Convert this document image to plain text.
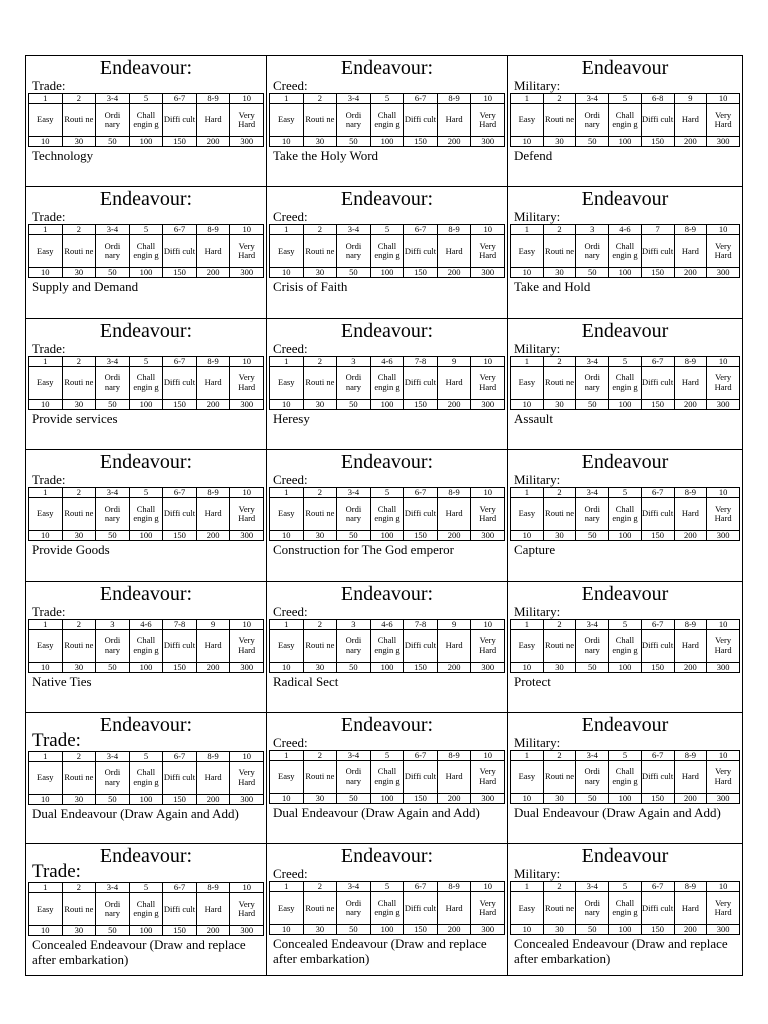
Endeavour:
Trade:
1	2	3-4	5	6-7	8-9	10
Easy	Routi ne	Ordi nary	Chall engin g	Diffi cult	Hard	Very Hard
10	30	50	100	150	200	300
Technology
Endeavour:
Creed:
1	2	3-4	5	6-7	8-9	10
Easy	Routi ne	Ordi nary	Chall engin g	Diffi cult	Hard	Very Hard
10	30	50	100	150	200	300
Take the Holy Word
Endeavour
Military:
1	2	3-4	5	6-8	9	10
Easy	Routi ne	Ordi nary	Chall engin g	Diffi cult	Hard	Very Hard
10	30	50	100	150	200	300
Defend
Endeavour:
Trade:
1	2	3-4	5	6-7	8-9	10
Easy	Routi ne	Ordi nary	Chall engin g	Diffi cult	Hard	Very Hard
10	30	50	100	150	200	300
Supply and Demand
Endeavour:
Creed:
1	2	3-4	5	6-7	8-9	10
Easy	Routi ne	Ordi nary	Chall engin g	Diffi cult	Hard	Very Hard
10	30	50	100	150	200	300
Crisis of Faith
Endeavour
Military:
1	2	3	4-6	7	8-9	10
Easy	Routi ne	Ordi nary	Chall engin g	Diffi cult	Hard	Very Hard
10	30	50	100	150	200	300
Take and Hold
Endeavour:
Trade:
1	2	3-4	5	6-7	8-9	10
Easy	Routi ne	Ordi nary	Chall engin g	Diffi cult	Hard	Very Hard
10	30	50	100	150	200	300
Provide services
Endeavour:
Creed:
1	2	3	4-6	7-8	9	10
Easy	Routi ne	Ordi nary	Chall engin g	Diffi cult	Hard	Very Hard
10	30	50	100	150	200	300
Heresy
Endeavour
Military:
1	2	3-4	5	6-7	8-9	10
Easy	Routi ne	Ordi nary	Chall engin g	Diffi cult	Hard	Very Hard
10	30	50	100	150	200	300
Assault
Endeavour:
Trade:
1	2	3-4	5	6-7	8-9	10
Easy	Routi ne	Ordi nary	Chall engin g	Diffi cult	Hard	Very Hard
10	30	50	100	150	200	300
Provide Goods
Endeavour:
Creed:
1	2	3-4	5	6-7	8-9	10
Easy	Routi ne	Ordi nary	Chall engin g	Diffi cult	Hard	Very Hard
10	30	50	100	150	200	300
Construction for The God emperor
Endeavour
Military:
1	2	3-4	5	6-7	8-9	10
Easy	Routi ne	Ordi nary	Chall engin g	Diffi cult	Hard	Very Hard
10	30	50	100	150	200	300
Capture
Endeavour:
Trade:
1	2	3	4-6	7-8	9	10
Easy	Routi ne	Ordi nary	Chall engin g	Diffi cult	Hard	Very Hard
10	30	50	100	150	200	300
Native Ties
Endeavour:
Creed:
1	2	3	4-6	7-8	9	10
Easy	Routi ne	Ordi nary	Chall engin g	Diffi cult	Hard	Very Hard
10	30	50	100	150	200	300
Radical Sect
Endeavour
Military:
1	2	3-4	5	6-7	8-9	10
Easy	Routi ne	Ordi nary	Chall engin g	Diffi cult	Hard	Very Hard
10	30	50	100	150	200	300
Protect
Endeavour:
Trade:
1	2	3-4	5	6-7	8-9	10
Easy	Routi ne	Ordi nary	Chall engin g	Diffi cult	Hard	Very Hard
10	30	50	100	150	200	300
Dual Endeavour (Draw Again and Add)
Endeavour:
Creed:
1	2	3-4	5	6-7	8-9	10
Easy	Routi ne	Ordi nary	Chall engin g	Diffi cult	Hard	Very Hard
10	30	50	100	150	200	300
Dual Endeavour (Draw Again and Add)
Endeavour
Military:
1	2	3-4	5	6-7	8-9	10
Easy	Routi ne	Ordi nary	Chall engin g	Diffi cult	Hard	Very Hard
10	30	50	100	150	200	300
Dual Endeavour (Draw Again and Add)
Endeavour:
Trade:
1	2	3-4	5	6-7	8-9	10
Easy	Routi ne	Ordi nary	Chall engin g	Diffi cult	Hard	Very Hard
10	30	50	100	150	200	300
Concealed Endeavour (Draw and replace after embarkation)
Endeavour:
Creed:
1	2	3-4	5	6-7	8-9	10
Easy	Routi ne	Ordi nary	Chall engin g	Diffi cult	Hard	Very Hard
10	30	50	100	150	200	300
Concealed Endeavour (Draw and replace after embarkation)
Endeavour
Military:
1	2	3-4	5	6-7	8-9	10
Easy	Routi ne	Ordi nary	Chall engin g	Diffi cult	Hard	Very Hard
10	30	50	100	150	200	300
Concealed Endeavour (Draw and replace after embarkation)
